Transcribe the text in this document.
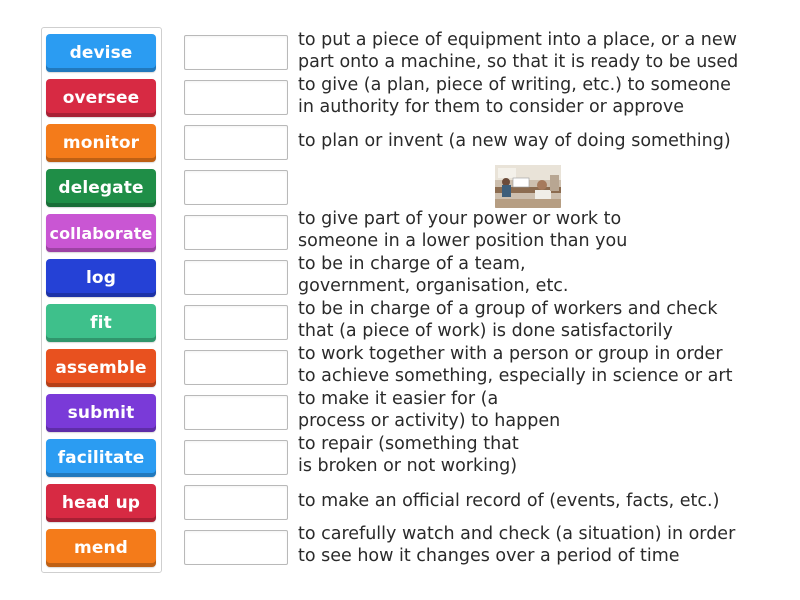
devise
oversee
monitor
delegate
collaborate
log
fit
assemble
submit
facilitate
head up
mend
to put a piece of equipment into a place, or a new
part onto a machine, so that it is ready to be used
to give (a plan, piece of writing, etc.) to someone
in authority for them to consider or approve
to plan or invent (a new way of doing something)
to give part of your power or work to
someone in a lower position than you
to be in charge of a team,
government, organisation, etc.
to be in charge of a group of workers and check
that (a piece of work) is done satisfactorily
to work together with a person or group in order
to achieve something, especially in science or art
to make it easier for (a
process or activity) to happen
to repair (something that
is broken or not working)
to make an official record of (events, facts, etc.)
to carefully watch and check (a situation) in order
to see how it changes over a period of time
